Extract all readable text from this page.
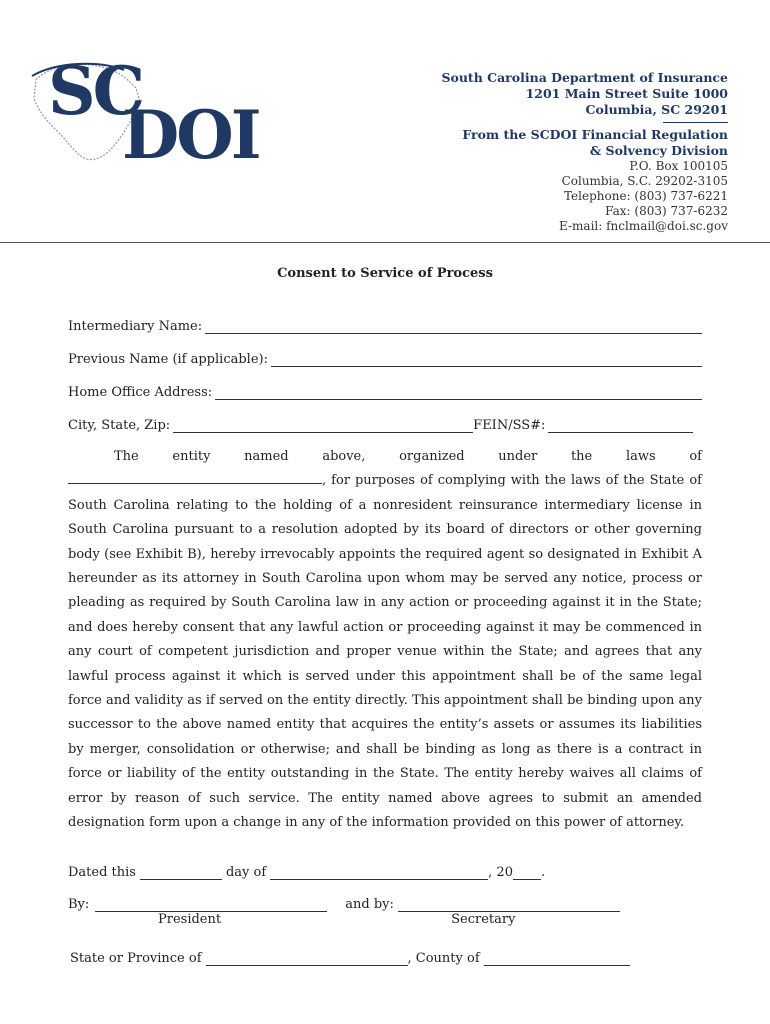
SC
DOI
South Carolina Department of Insurance
1201 Main Street Suite 1000
Columbia, SC 29201
From the SCDOI Financial Regulation
& Solvency Division
P.O. Box 100105
Columbia, S.C. 29202-3105
Telephone: (803) 737-6221
Fax: (803) 737-6232
E-mail: fnclmail@doi.sc.gov
Consent to Service of Process
Intermediary Name:
Previous Name (if applicable):
Home Office Address:
City, State, Zip:	FEIN/SS#:
The entity named above, organized under the laws of , for purposes of complying with the laws of the State of South Carolina relating to the holding of a nonresident reinsurance intermediary license in South Carolina pursuant to a resolution adopted by its board of directors or other governing body (see Exhibit B), hereby irrevocably appoints the required agent so designated in Exhibit A hereunder as its attorney in South Carolina upon whom may be served any notice, process or pleading as required by South Carolina law in any action or proceeding against it in the State; and does hereby consent that any lawful action or proceeding against it may be commenced in any court of competent jurisdiction and proper venue within the State; and agrees that any lawful process against it which is served under this appointment shall be of the same legal force and validity as if served on the entity directly. This appointment shall be binding upon any successor to the above named entity that acquires the entity’s assets or assumes its liabilities by merger, consolidation or otherwise; and shall be binding as long as there is a contract in force or liability of the entity outstanding in the State. The entity hereby waives all claims of error by reason of such service. The entity named above agrees to submit an amended designation form upon a change in any of the information provided on this power of attorney.
Dated this	day of	, 20 .
By:	and by:
President	Secretary
State or Province of	, County of
